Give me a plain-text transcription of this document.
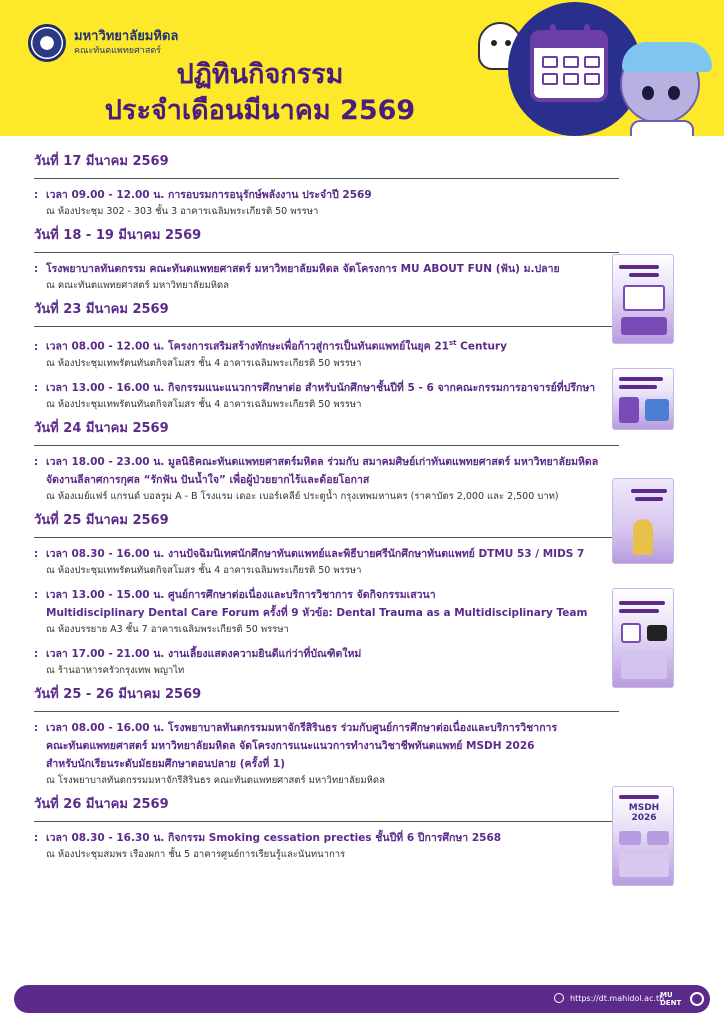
มหาวิทยาลัยมหิดล
คณะทันตแพทยศาสตร์
ปฏิทินกิจกรรม
ประจำเดือนมีนาคม 2569
วันที่ 17 มีนาคม 2569
: เวลา 09.00 - 12.00 น. การอบรมการอนุรักษ์พลังงาน ประจำปี 2569
ณ ห้องประชุม 302 - 303 ชั้น 3 อาคารเฉลิมพระเกียรติ 50 พรรษา
วันที่ 18 - 19 มีนาคม 2569
: โรงพยาบาลทันตกรรม คณะทันตแพทยศาสตร์ มหาวิทยาลัยมหิดล จัดโครงการ MU ABOUT FUN (ฟัน) ม.ปลาย
ณ คณะทันตแพทยศาสตร์ มหาวิทยาลัยมหิดล
วันที่ 23 มีนาคม 2569
: เวลา 08.00 - 12.00 น. โครงการเสริมสร้างทักษะเพื่อก้าวสู่การเป็นทันตแพทย์ในยุค 21st Century
ณ ห้องประชุมเทพรัตนทันตกิจสโมสร ชั้น 4 อาคารเฉลิมพระเกียรติ 50 พรรษา
: เวลา 13.00 - 16.00 น. กิจกรรมแนะแนวการศึกษาต่อ สำหรับนักศึกษาชั้นปีที่ 5 - 6 จากคณะกรรมการอาจารย์ที่ปรึกษา
ณ ห้องประชุมเทพรัตนทันตกิจสโมสร ชั้น 4 อาคารเฉลิมพระเกียรติ 50 พรรษา
วันที่ 24 มีนาคม 2569
: เวลา 18.00 - 23.00 น. มูลนิธิคณะทันตแพทยศาสตร์มหิดล ร่วมกับ สมาคมศิษย์เก่าทันตแพทยศาสตร์ มหาวิทยาลัยมหิดล
จัดงานลีลาศการกุศล “รักฟัน ปันน้ำใจ” เพื่อผู้ป่วยยากไร้และด้อยโอกาส
ณ ห้องเมย์แฟร์ แกรนด์ บอลรูม A - B โรงแรม เดอะ เบอร์เคลีย์ ประตูน้ำ กรุงเทพมหานคร (ราคาบัตร 2,000 และ 2,500 บาท)
วันที่ 25 มีนาคม 2569
: เวลา 08.30 - 16.00 น. งานปัจฉิมนิเทศนักศึกษาทันตแพทย์และพิธีบายศรีนักศึกษาทันตแพทย์ DTMU 53 / MIDS 7
ณ ห้องประชุมเทพรัตนทันตกิจสโมสร ชั้น 4 อาคารเฉลิมพระเกียรติ 50 พรรษา
: เวลา 13.00 - 15.00 น. ศูนย์การศึกษาต่อเนื่องและบริการวิชาการ จัดกิจกรรมเสวนา
Multidisciplinary Dental Care Forum ครั้งที่ 9 หัวข้อ: Dental Trauma as a Multidisciplinary Team
ณ ห้องบรรยาย A3 ชั้น 7 อาคารเฉลิมพระเกียรติ 50 พรรษา
: เวลา 17.00 - 21.00 น. งานเลี้ยงแสดงความยินดีแก่ว่าที่บัณฑิตใหม่
ณ ร้านอาหารครัวกรุงเทพ พญาไท
วันที่ 25 - 26 มีนาคม 2569
: เวลา 08.00 - 16.00 น. โรงพยาบาลทันตกรรมมหาจักรีสิรินธร ร่วมกับศูนย์การศึกษาต่อเนื่องและบริการวิชาการ
คณะทันตแพทยศาสตร์ มหาวิทยาลัยมหิดล จัดโครงการแนะแนวการทำงานวิชาชีพทันตแพทย์ MSDH 2026
สำหรับนักเรียนระดับมัธยมศึกษาตอนปลาย (ครั้งที่ 1)
ณ โรงพยาบาลทันตกรรมมหาจักรีสิรินธร คณะทันตแพทยศาสตร์ มหาวิทยาลัยมหิดล
วันที่ 26 มีนาคม 2569
: เวลา 08.30 - 16.30 น. กิจกรรม Smoking cessation precties ชั้นปีที่ 6 ปีการศึกษา 2568
ณ ห้องประชุมสมพร เรืองผกา ชั้น 5 อาคารศูนย์การเรียนรู้และนันทนาการ
MSDH 2026
https://dt.mahidol.ac.th
MU
DENT
